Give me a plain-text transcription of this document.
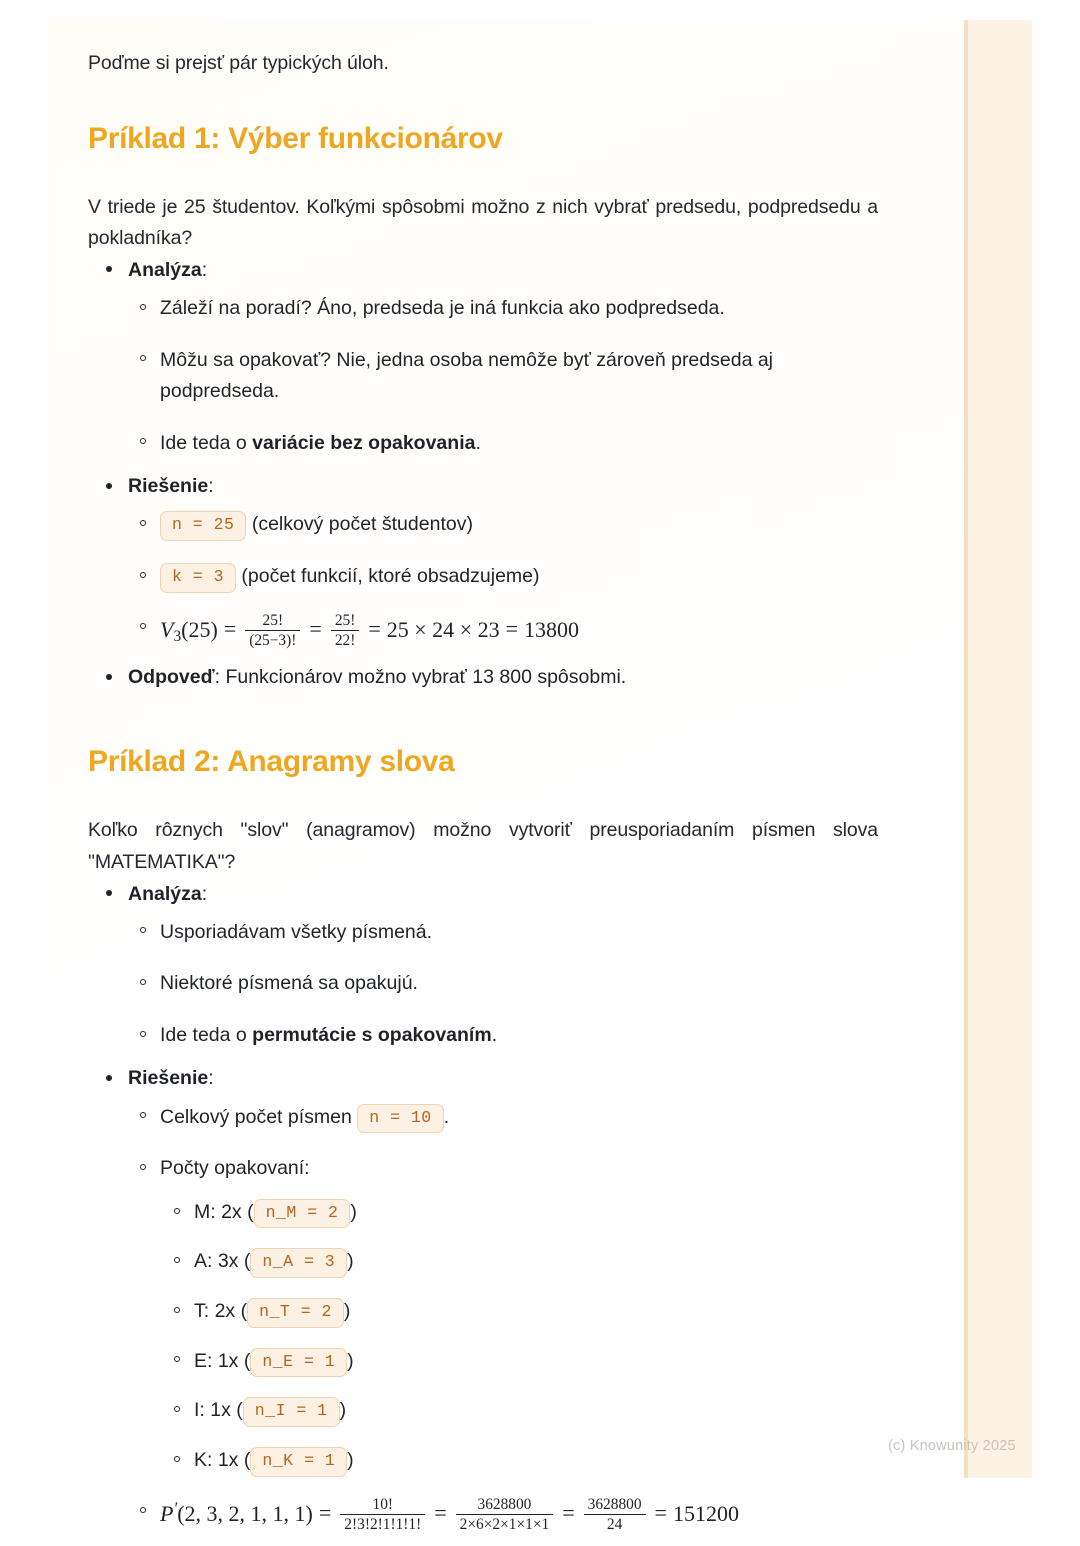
Poďme si prejsť pár typických úloh.

Príklad 1: Výber funkcionárov

V triede je 25 študentov. Koľkými spôsobmi možno z nich vybrať predsedu, podpredsedu a pokladníka?

Analýza:
Záleží na poradí? Áno, predseda je iná funkcia ako podpredseda.
Môžu sa opakovať? Nie, jedna osoba nemôže byť zároveň predseda aj podpredseda.
Ide teda o variácie bez opakovania.
Riešenie:
n = 25 (celkový počet študentov)
k = 3 (počet funkcií, ktoré obsadzujeme)
$V_3(25) = \frac{25!}{(25-3)!} = \frac{25!}{22!} = 25 \times 24 \times 23 = 13800$
Odpoveď: Funkcionárov možno vybrať 13 800 spôsobmi.
Príklad 2: Anagramy slova

Koľko rôznych "slov" (anagramov) možno vytvoriť preusporiadaním písmen slova "MATEMATIKA"?

Analýza:
Usporiadávam všetky písmená.
Niektoré písmená sa opakujú.
Ide teda o permutácie s opakovaním.
Riešenie:
Celkový počet písmen n = 10 .
Počty opakovaní:
M: 2x ( n_M = 2 )
A: 3x ( n_A = 3 )
T: 2x ( n_T = 2 )
E: 1x ( n_E = 1 )
I: 1x ( n_I = 1 )
K: 1x ( n_K = 1 )
P′(2, 3, 2, 1, 1, $1) = \frac{10!}{2!3!2!1!1!1!} = \frac{3628800}{2\times 6\times 2\times 1\times 1\times 1} = \frac{3628800}{24} = 151200$
(c) Knowunity 2025
